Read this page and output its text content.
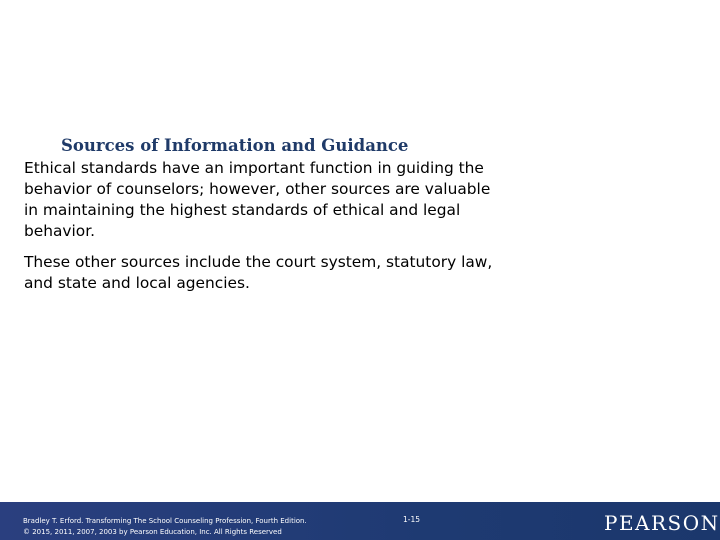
Sources of Information and Guidance

Ethical standards have an important function in guiding the behavior of counselors; however, other sources are valuable in maintaining the highest standards of ethical and legal behavior.

These other sources include the court system, statutory law, and state and local agencies.

Bradley T. Erford. Transforming The School Counseling Profession, Fourth Edition.
© 2015, 2011, 2007, 2003 by Pearson Education, Inc. All Rights Reserved
1-15	PEARSON
